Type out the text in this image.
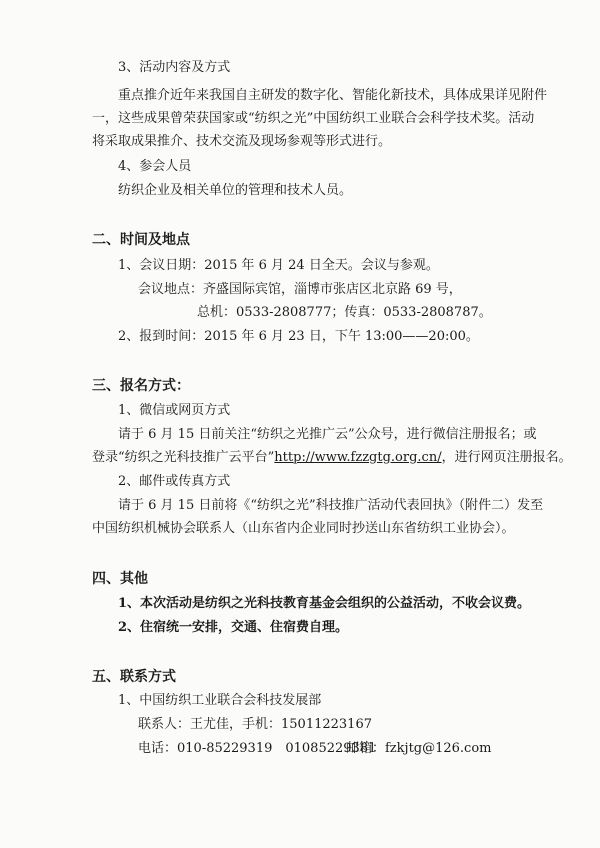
3、活动内容及方式
重点推介近年来我国自主研发的数字化、智能化新技术，具体成果详见附件
一，这些成果曾荣获国家或“纺织之光”中国纺织工业联合会科学技术奖。活动
将采取成果推介、技术交流及现场参观等形式进行。
4、参会人员
纺织企业及相关单位的管理和技术人员。
二、时间及地点
1、会议日期：2015 年 6 月 24 日全天。会议与参观。
会议地点：齐盛国际宾馆，淄博市张店区北京路 69 号，
总机：0533-2808777；传真：0533-2808787。
2、报到时间：2015 年 6 月 23 日，下午 13:00——20:00。
三、报名方式：
1、微信或网页方式
请于 6 月 15 日前关注“纺织之光推广云”公众号，进行微信注册报名；或
登录“纺织之光科技推广云平台”http://www.fzzgtg.org.cn/，进行网页注册报名。
2、邮件或传真方式
请于 6 月 15 日前将《“纺织之光”科技推广活动代表回执》（附件二）发至
中国纺织机械协会联系人（山东省内企业同时抄送山东省纺织工业协会）。
四、其他
1、本次活动是纺织之光科技教育基金会组织的公益活动，不收会议费。
2、住宿统一安排，交通、住宿费自理。
五、联系方式
1、中国纺织工业联合会科技发展部
联系人：王尤佳，手机：15011223167
电话：010-85229319　01085229381
邮箱：fzkjtg@126.com
